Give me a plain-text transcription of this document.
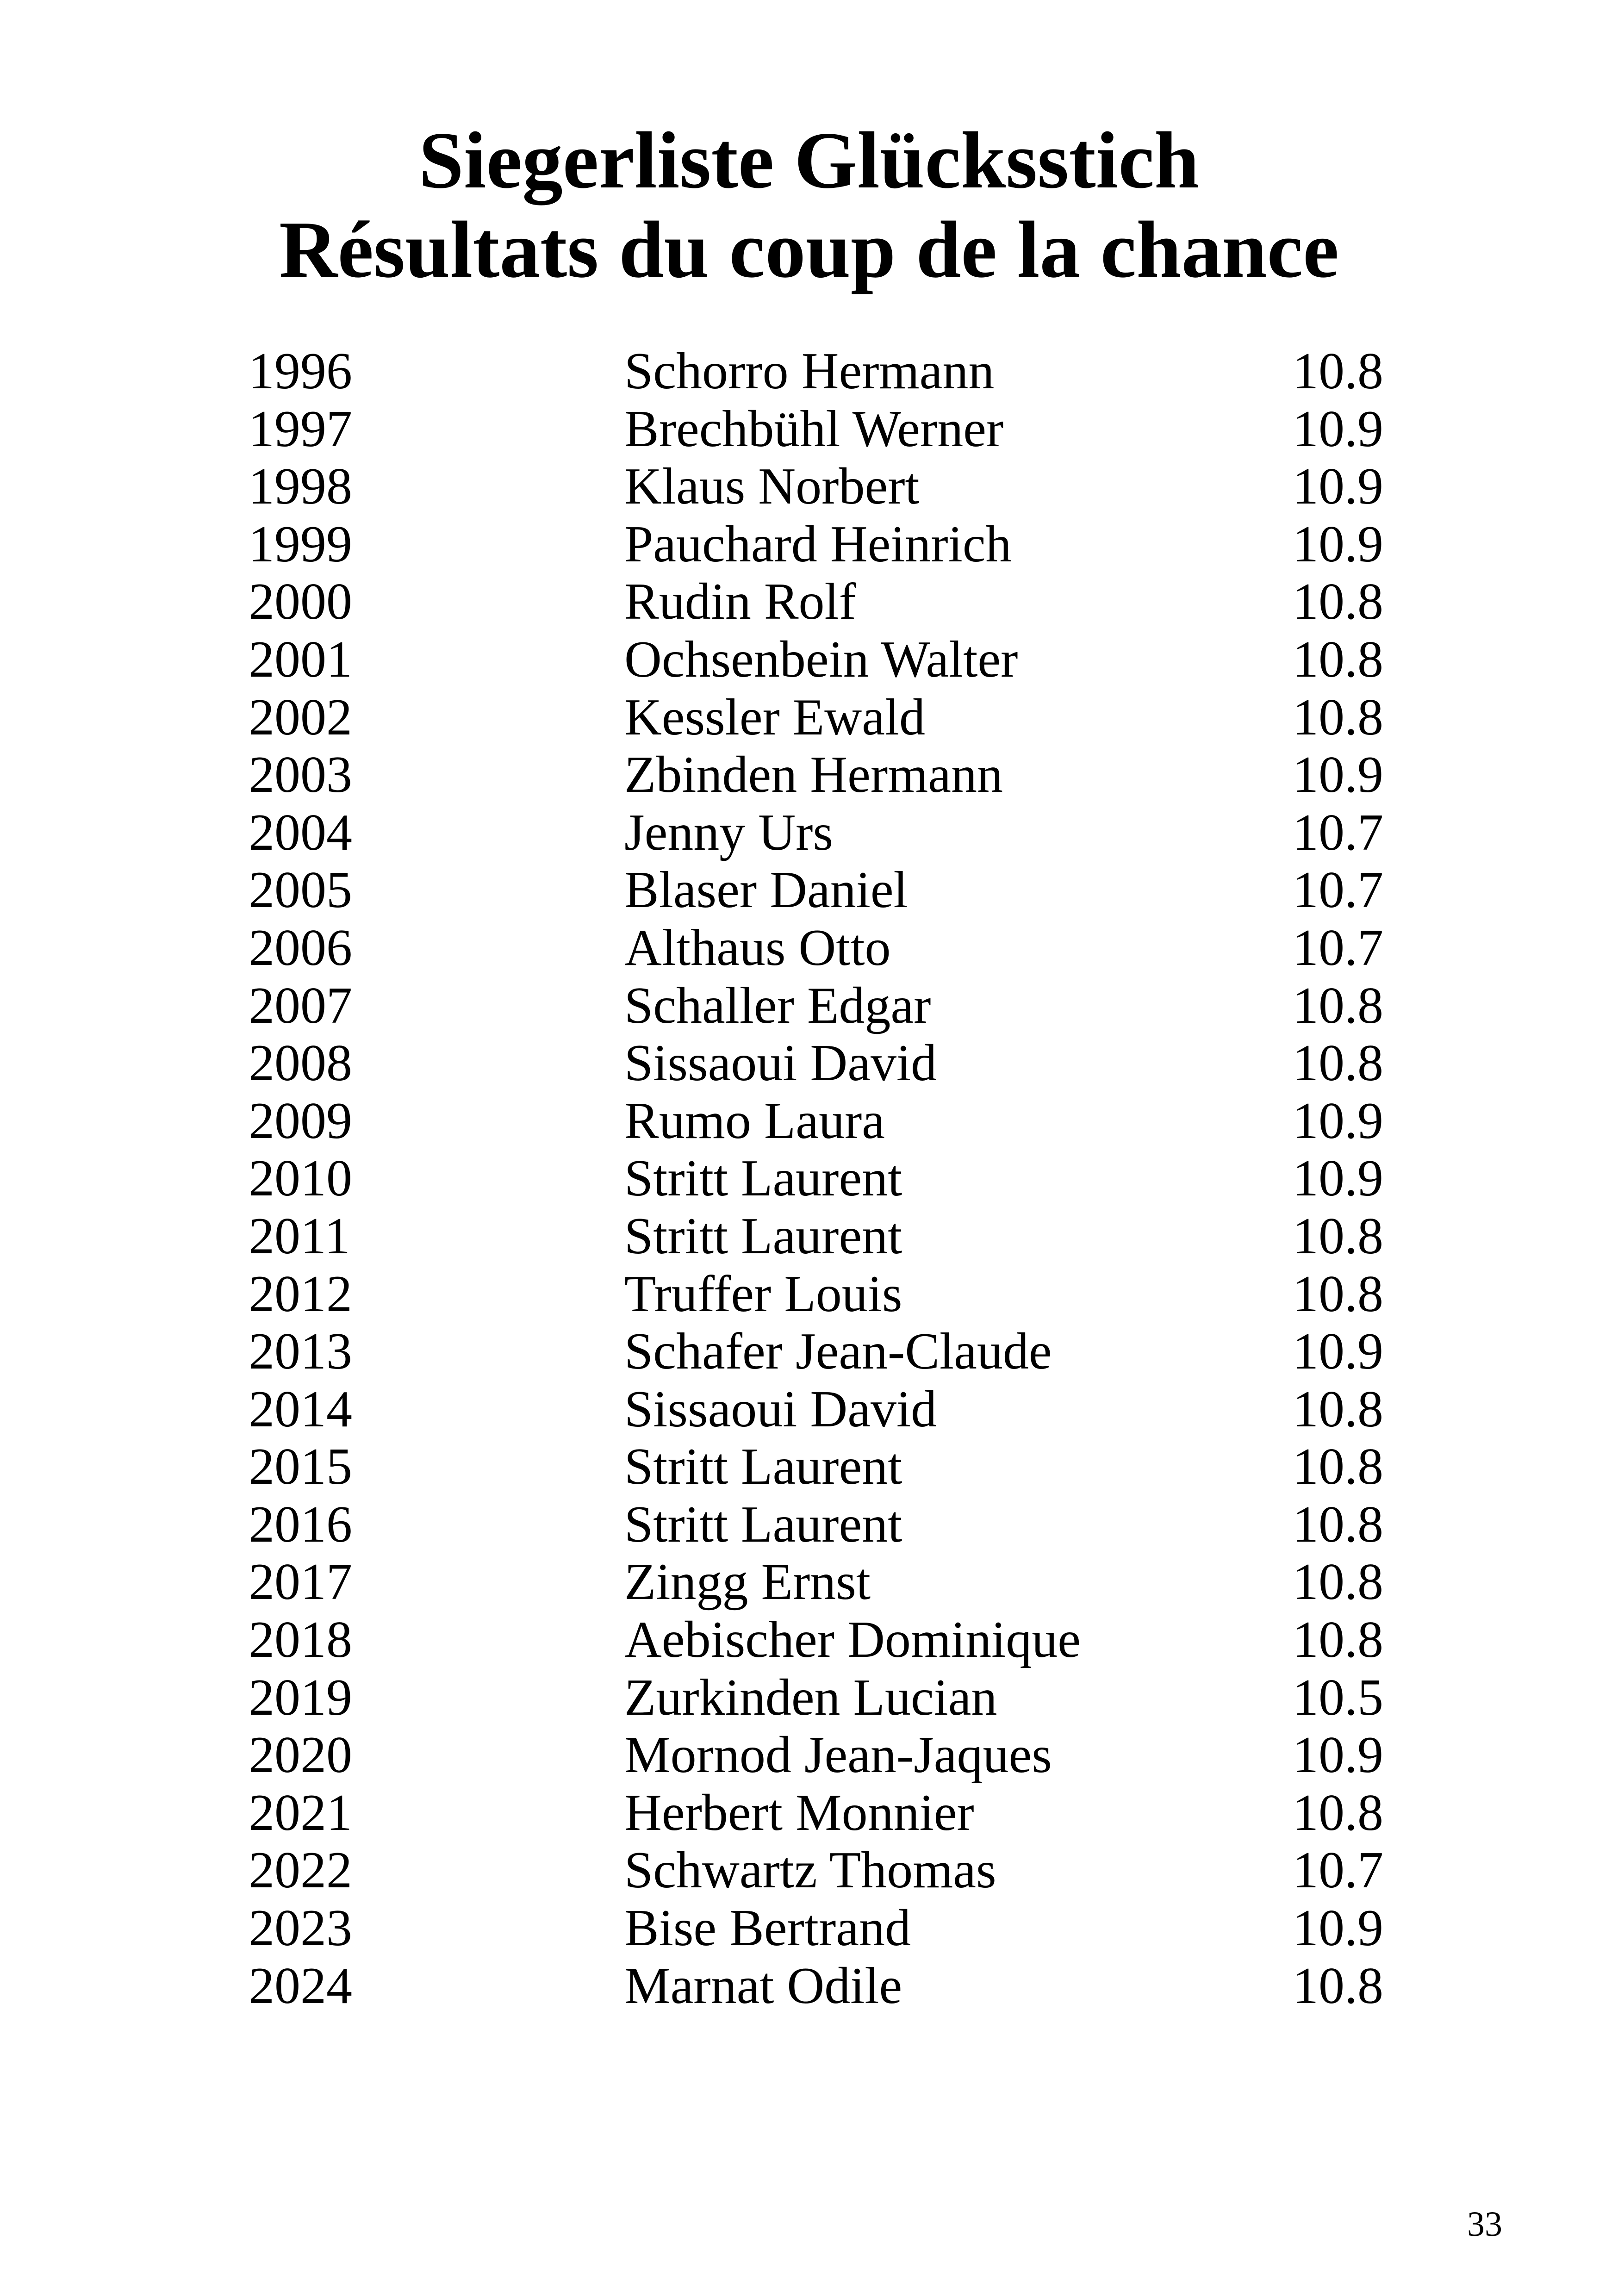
Siegerliste Glücksstich
Résultats du coup de la chance
1996	Schorro Hermann	10.8
1997	Brechbühl Werner	10.9
1998	Klaus Norbert	10.9
1999	Pauchard Heinrich	10.9
2000	Rudin Rolf	10.8
2001	Ochsenbein Walter	10.8
2002	Kessler Ewald	10.8
2003	Zbinden Hermann	10.9
2004	Jenny Urs	10.7
2005	Blaser Daniel	10.7
2006	Althaus Otto	10.7
2007	Schaller Edgar	10.8
2008	Sissaoui David	10.8
2009	Rumo Laura	10.9
2010	Stritt Laurent	10.9
2011	Stritt Laurent	10.8
2012	Truffer Louis	10.8
2013	Schafer Jean-Claude	10.9
2014	Sissaoui David	10.8
2015	Stritt Laurent	10.8
2016	Stritt Laurent	10.8
2017	Zingg Ernst	10.8
2018	Aebischer Dominique	10.8
2019	Zurkinden Lucian	10.5
2020	Mornod Jean-Jaques	10.9
2021	Herbert Monnier	10.8
2022	Schwartz Thomas	10.7
2023	Bise Bertrand	10.9
2024	Marnat Odile	10.8
33
